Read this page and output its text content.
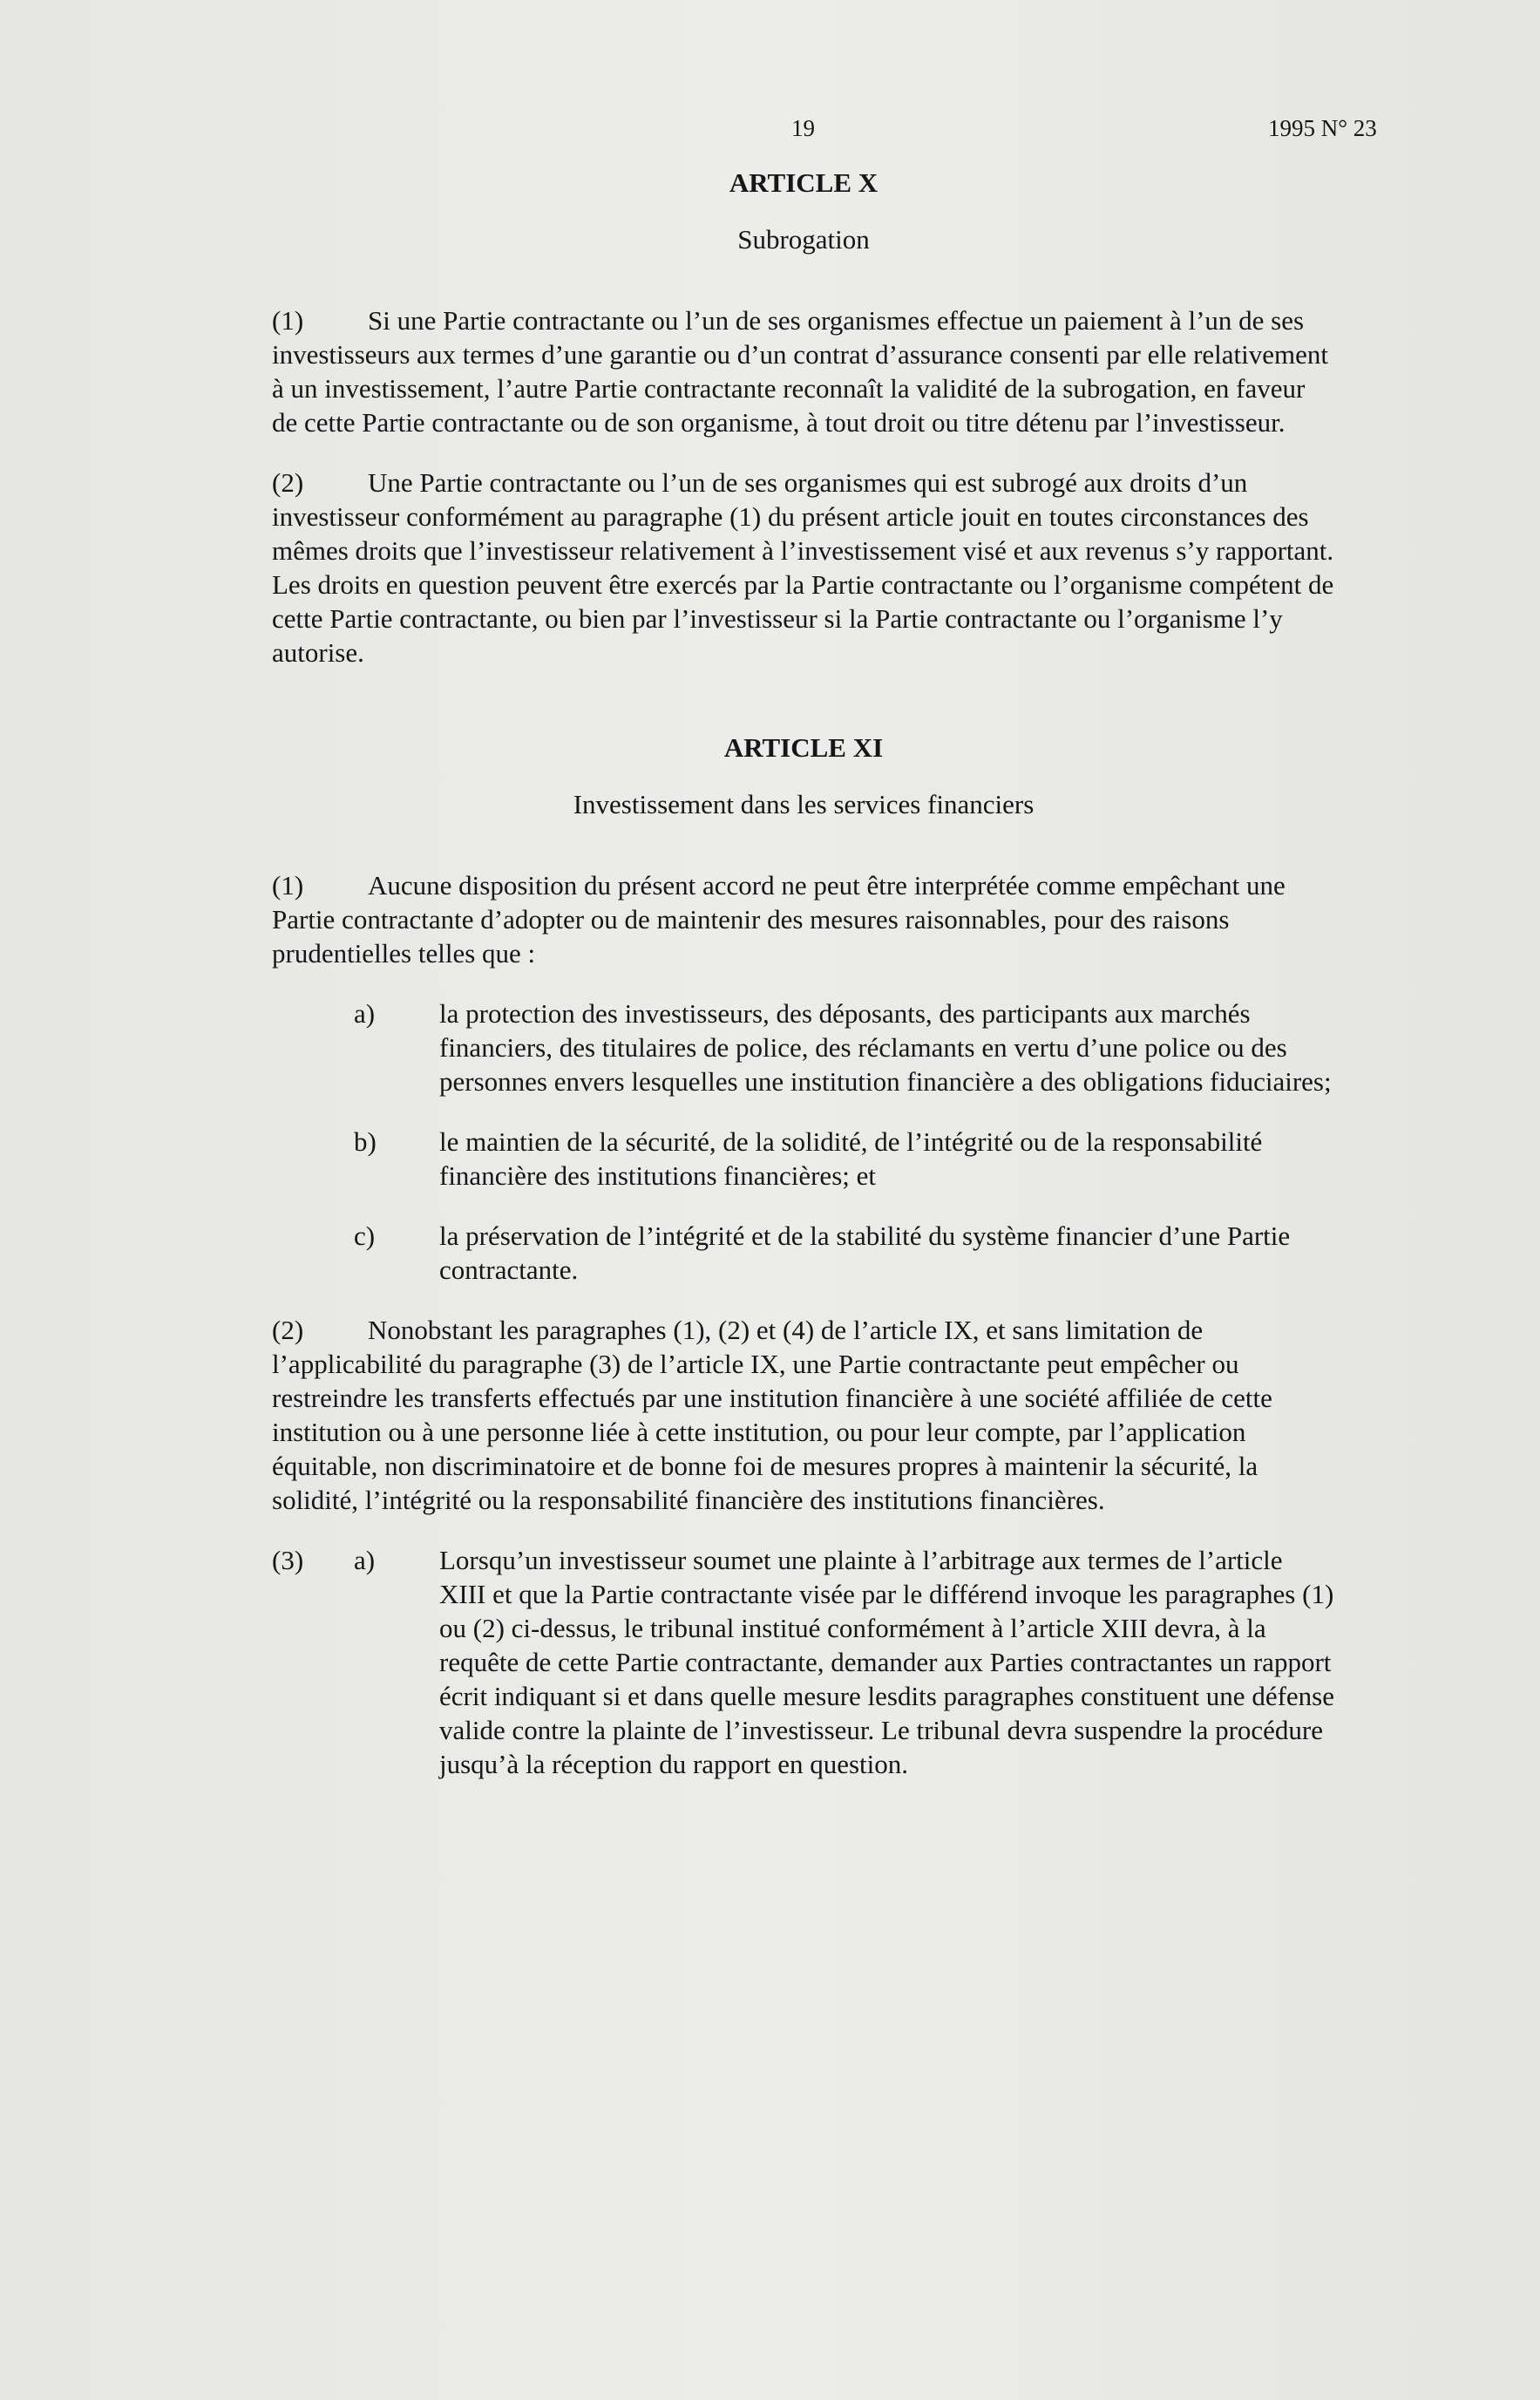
19	1995 N° 23
ARTICLE X
Subrogation

(1) Si une Partie contractante ou l’un de ses organismes effectue un paiement à l’un de ses investisseurs aux termes d’une garantie ou d’un contrat d’assurance consenti par elle relativement à un investissement, l’autre Partie contractante reconnaît la validité de la subrogation, en faveur de cette Partie contractante ou de son organisme, à tout droit ou titre détenu par l’investisseur.

(2) Une Partie contractante ou l’un de ses organismes qui est subrogé aux droits d’un investisseur conformément au paragraphe (1) du présent article jouit en toutes circonstances des mêmes droits que l’investisseur relativement à l’investissement visé et aux revenus s’y rapportant. Les droits en question peuvent être exercés par la Partie contractante ou l’organisme compétent de cette Partie contractante, ou bien par l’investisseur si la Partie contractante ou l’organisme l’y autorise.

ARTICLE XI
Investissement dans les services financiers

(1) Aucune disposition du présent accord ne peut être interprétée comme empêchant une Partie contractante d’adopter ou de maintenir des mesures raisonnables, pour des raisons prudentielles telles que :

a)	la protection des investisseurs, des déposants, des participants aux marchés financiers, des titulaires de police, des réclamants en vertu d’une police ou des personnes envers lesquelles une institution financière a des obligations fiduciaires;
b)	le maintien de la sécurité, de la solidité, de l’intégrité ou de la responsabilité financière des institutions financières; et
c)	la préservation de l’intégrité et de la stabilité du système financier d’une Partie contractante.

(2) Nonobstant les paragraphes (1), (2) et (4) de l’article IX, et sans limitation de l’applicabilité du paragraphe (3) de l’article IX, une Partie contractante peut empêcher ou restreindre les transferts effectués par une institution financière à une société affiliée de cette institution ou à une personne liée à cette institution, ou pour leur compte, par l’application équitable, non discriminatoire et de bonne foi de mesures propres à maintenir la sécurité, la solidité, l’intégrité ou la responsabilité financière des institutions financières.

(3)	a)	Lorsqu’un investisseur soumet une plainte à l’arbitrage aux termes de l’article XIII et que la Partie contractante visée par le différend invoque les paragraphes (1) ou (2) ci-dessus, le tribunal institué conformément à l’article XIII devra, à la requête de cette Partie contractante, demander aux Parties contractantes un rapport écrit indiquant si et dans quelle mesure lesdits paragraphes constituent une défense valide contre la plainte de l’investisseur. Le tribunal devra suspendre la procédure jusqu’à la réception du rapport en question.
